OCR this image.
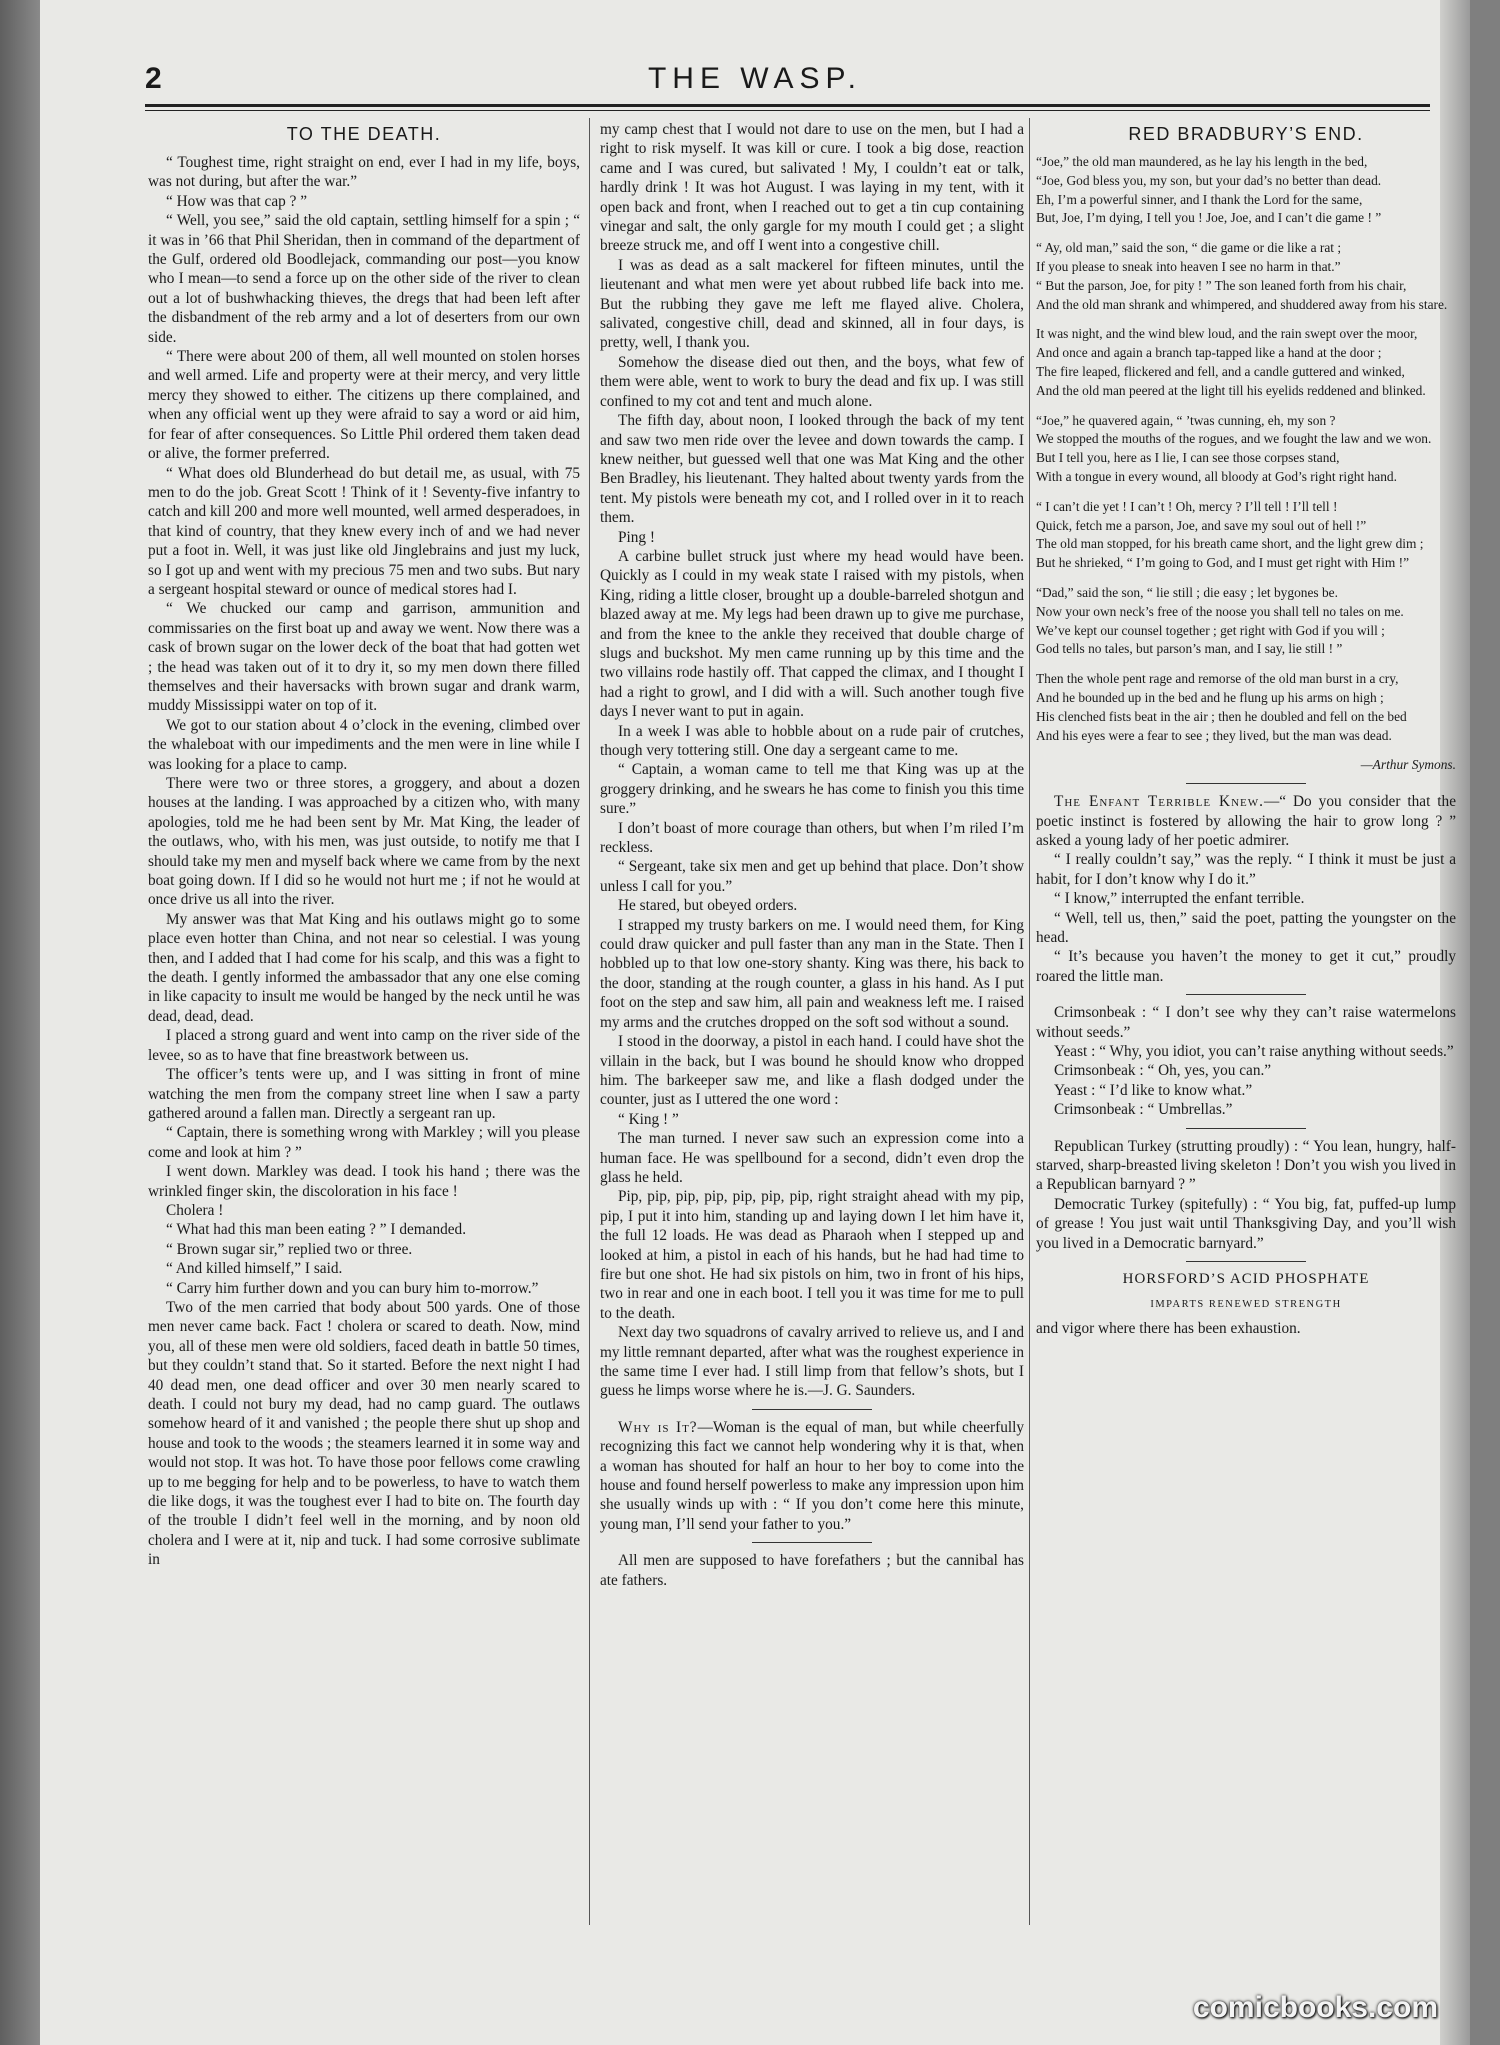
2	THE WASP.
TO THE DEATH.

“ Toughest time, right straight on end, ever I had in my life, boys, was not during, but after the war.”

“ How was that cap ? ”

“ Well, you see,” said the old captain, settling himself for a spin ; “ it was in ’66 that Phil Sheridan, then in command of the department of the Gulf, ordered old Boodlejack, commanding our post—you know who I mean—to send a force up on the other side of the river to clean out a lot of bushwhacking thieves, the dregs that had been left after the disbandment of the reb army and a lot of deserters from our own side.

“ There were about 200 of them, all well mounted on stolen horses and well armed. Life and property were at their mercy, and very little mercy they showed to either. The citizens up there complained, and when any official went up they were afraid to say a word or aid him, for fear of after consequences. So Little Phil ordered them taken dead or alive, the former preferred.

“ What does old Blunderhead do but detail me, as usual, with 75 men to do the job. Great Scott ! Think of it ! Seventy-five infantry to catch and kill 200 and more well mounted, well armed desperadoes, in that kind of country, that they knew every inch of and we had never put a foot in. Well, it was just like old Jinglebrains and just my luck, so I got up and went with my precious 75 men and two subs. But nary a sergeant hospital steward or ounce of medical stores had I.

“ We chucked our camp and garrison, ammunition and commissaries on the first boat up and away we went. Now there was a cask of brown sugar on the lower deck of the boat that had gotten wet ; the head was taken out of it to dry it, so my men down there filled themselves and their haversacks with brown sugar and drank warm, muddy Mississippi water on top of it.

We got to our station about 4 o’clock in the evening, climbed over the whaleboat with our impediments and the men were in line while I was looking for a place to camp.

There were two or three stores, a groggery, and about a dozen houses at the landing. I was approached by a citizen who, with many apologies, told me he had been sent by Mr. Mat King, the leader of the outlaws, who, with his men, was just outside, to notify me that I should take my men and myself back where we came from by the next boat going down. If I did so he would not hurt me ; if not he would at once drive us all into the river.

My answer was that Mat King and his outlaws might go to some place even hotter than China, and not near so celestial. I was young then, and I added that I had come for his scalp, and this was a fight to the death. I gently informed the ambassador that any one else coming in like capacity to insult me would be hanged by the neck until he was dead, dead, dead.

I placed a strong guard and went into camp on the river side of the levee, so as to have that fine breastwork between us.

The officer’s tents were up, and I was sitting in front of mine watching the men from the company street line when I saw a party gathered around a fallen man. Directly a sergeant ran up.

“ Captain, there is something wrong with Markley ; will you please come and look at him ? ”

I went down. Markley was dead. I took his hand ; there was the wrinkled finger skin, the discoloration in his face !

Cholera !

“ What had this man been eating ? ” I demanded.

“ Brown sugar sir,” replied two or three.

“ And killed himself,” I said.

“ Carry him further down and you can bury him to-morrow.”

Two of the men carried that body about 500 yards. One of those men never came back. Fact ! cholera or scared to death. Now, mind you, all of these men were old soldiers, faced death in battle 50 times, but they couldn’t stand that. So it started. Before the next night I had 40 dead men, one dead officer and over 30 men nearly scared to death. I could not bury my dead, had no camp guard. The outlaws somehow heard of it and vanished ; the people there shut up shop and house and took to the woods ; the steamers learned it in some way and would not stop. It was hot. To have those poor fellows come crawling up to me begging for help and to be powerless, to have to watch them die like dogs, it was the toughest ever I had to bite on. The fourth day of the trouble I didn’t feel well in the morning, and by noon old cholera and I were at it, nip and tuck. I had some corrosive sublimate in

my camp chest that I would not dare to use on the men, but I had a right to risk myself. It was kill or cure. I took a big dose, reaction came and I was cured, but salivated ! My, I couldn’t eat or talk, hardly drink ! It was hot August. I was laying in my tent, with it open back and front, when I reached out to get a tin cup containing vinegar and salt, the only gargle for my mouth I could get ; a slight breeze struck me, and off I went into a congestive chill.

I was as dead as a salt mackerel for fifteen minutes, until the lieutenant and what men were yet about rubbed life back into me. But the rubbing they gave me left me flayed alive. Cholera, salivated, congestive chill, dead and skinned, all in four days, is pretty, well, I thank you.

Somehow the disease died out then, and the boys, what few of them were able, went to work to bury the dead and fix up. I was still confined to my cot and tent and much alone.

The fifth day, about noon, I looked through the back of my tent and saw two men ride over the levee and down towards the camp. I knew neither, but guessed well that one was Mat King and the other Ben Bradley, his lieutenant. They halted about twenty yards from the tent. My pistols were beneath my cot, and I rolled over in it to reach them.

Ping !

A carbine bullet struck just where my head would have been. Quickly as I could in my weak state I raised with my pistols, when King, riding a little closer, brought up a double-barreled shotgun and blazed away at me. My legs had been drawn up to give me purchase, and from the knee to the ankle they received that double charge of slugs and buckshot. My men came running up by this time and the two villains rode hastily off. That capped the climax, and I thought I had a right to growl, and I did with a will. Such another tough five days I never want to put in again.

In a week I was able to hobble about on a rude pair of crutches, though very tottering still. One day a sergeant came to me.

“ Captain, a woman came to tell me that King was up at the groggery drinking, and he swears he has come to finish you this time sure.”

I don’t boast of more courage than others, but when I’m riled I’m reckless.

“ Sergeant, take six men and get up behind that place. Don’t show unless I call for you.”

He stared, but obeyed orders.

I strapped my trusty barkers on me. I would need them, for King could draw quicker and pull faster than any man in the State. Then I hobbled up to that low one-story shanty. King was there, his back to the door, standing at the rough counter, a glass in his hand. As I put foot on the step and saw him, all pain and weakness left me. I raised my arms and the crutches dropped on the soft sod without a sound.

I stood in the doorway, a pistol in each hand. I could have shot the villain in the back, but I was bound he should know who dropped him. The barkeeper saw me, and like a flash dodged under the counter, just as I uttered the one word :

“ King ! ”

The man turned. I never saw such an expression come into a human face. He was spellbound for a second, didn’t even drop the glass he held.

Pip, pip, pip, pip, pip, pip, pip, right straight ahead with my pip, pip, I put it into him, standing up and laying down I let him have it, the full 12 loads. He was dead as Pharaoh when I stepped up and looked at him, a pistol in each of his hands, but he had had time to fire but one shot. He had six pistols on him, two in front of his hips, two in rear and one in each boot. I tell you it was time for me to pull to the death.

Next day two squadrons of cavalry arrived to relieve us, and I and my little remnant departed, after what was the roughest experience in the same time I ever had. I still limp from that fellow’s shots, but I guess he limps worse where he is.—J. G. Saunders.

Why is It?—Woman is the equal of man, but while cheerfully recognizing this fact we cannot help wondering why it is that, when a woman has shouted for half an hour to her boy to come into the house and found herself powerless to make any impression upon him she usually winds up with : “ If you don’t come here this minute, young man, I’ll send your father to you.”

All men are supposed to have forefathers ; but the cannibal has ate fathers.

RED BRADBURY’S END.

“Joe,” the old man maundered, as he lay his length in the bed,
“Joe, God bless you, my son, but your dad’s no better than dead.
Eh, I’m a powerful sinner, and I thank the Lord for the same,
But, Joe, I’m dying, I tell you ! Joe, Joe, and I can’t die game ! ”

“ Ay, old man,” said the son, “ die game or die like a rat ;
If you please to sneak into heaven I see no harm in that.”
“ But the parson, Joe, for pity ! ” The son leaned forth from his chair,
And the old man shrank and whimpered, and shuddered away from his stare.

It was night, and the wind blew loud, and the rain swept over the moor,
And once and again a branch tap-tapped like a hand at the door ;
The fire leaped, flickered and fell, and a candle guttered and winked,
And the old man peered at the light till his eyelids reddened and blinked.

“Joe,” he quavered again, “ ’twas cunning, eh, my son ?
We stopped the mouths of the rogues, and we fought the law and we won.
But I tell you, here as I lie, I can see those corpses stand,
With a tongue in every wound, all bloody at God’s right right hand.

“ I can’t die yet ! I can’t ! Oh, mercy ? I’ll tell ! I’ll tell !
Quick, fetch me a parson, Joe, and save my soul out of hell !”
The old man stopped, for his breath came short, and the light grew dim ;
But he shrieked, “ I’m going to God, and I must get right with Him !”

“Dad,” said the son, “ lie still ; die easy ; let bygones be.
Now your own neck’s free of the noose you shall tell no tales on me.
We’ve kept our counsel together ; get right with God if you will ;
God tells no tales, but parson’s man, and I say, lie still ! ”

Then the whole pent rage and remorse of the old man burst in a cry,
And he bounded up in the bed and he flung up his arms on high ;
His clenched fists beat in the air ; then he doubled and fell on the bed
And his eyes were a fear to see ; they lived, but the man was dead.

—Arthur Symons.

The Enfant Terrible Knew.—“ Do you consider that the poetic instinct is fostered by allowing the hair to grow long ? ” asked a young lady of her poetic admirer.

“ I really couldn’t say,” was the reply. “ I think it must be just a habit, for I don’t know why I do it.”

“ I know,” interrupted the enfant terrible.

“ Well, tell us, then,” said the poet, patting the youngster on the head.

“ It’s because you haven’t the money to get it cut,” proudly roared the little man.

Crimsonbeak : “ I don’t see why they can’t raise watermelons without seeds.”

Yeast : “ Why, you idiot, you can’t raise anything without seeds.”

Crimsonbeak : “ Oh, yes, you can.”

Yeast : “ I’d like to know what.”

Crimsonbeak : “ Umbrellas.”

Republican Turkey (strutting proudly) : “ You lean, hungry, half-starved, sharp-breasted living skeleton ! Don’t you wish you lived in a Republican barnyard ? ”

Democratic Turkey (spitefully) : “ You big, fat, puffed-up lump of grease ! You just wait until Thanksgiving Day, and you’ll wish you lived in a Democratic barnyard.”

HORSFORD’S ACID PHOSPHATE
IMPARTS RENEWED STRENGTH

and vigor where there has been exhaustion.

comicbooks.com
